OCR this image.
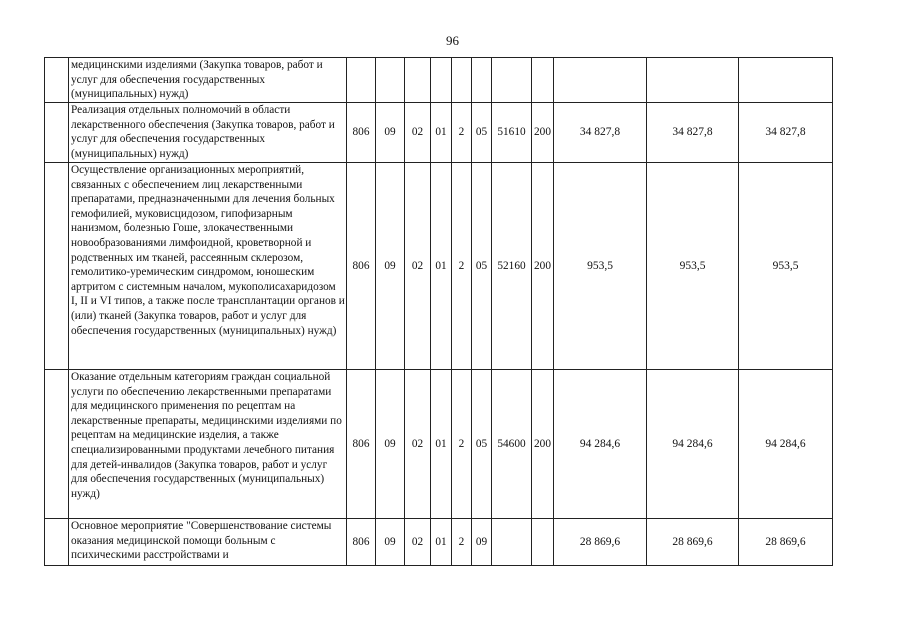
96
	медицинскими изделиями (Закупка товаров, работ и услуг для обеспечения государственных (муниципальных) нужд)											
	Реализация отдельных полномочий в области лекарственного обеспечения (Закупка товаров, работ и услуг для обеспечения государственных (муниципальных) нужд)	806	09	02	01	2	05	51610	200	34 827,8	34 827,8	34 827,8
	Осуществление организационных мероприятий, связанных с обеспечением лиц лекарственными препаратами, предназначенными для лечения больных гемофилией, муковисцидозом, гипофизарным нанизмом, болезнью Гоше, злокачественными новообразованиями лимфоидной, кроветворной и родственных им тканей, рассеянным склерозом, гемолитико-уремическим синдромом, юношеским артритом с системным началом, мукополисахаридозом I, II и VI типов, а также после трансплантации органов и (или) тканей (Закупка товаров, работ и услуг для обеспечения государственных (муниципальных) нужд)	806	09	02	01	2	05	52160	200	953,5	953,5	953,5
	Оказание отдельным категориям граждан социальной услуги по обеспечению лекарственными препаратами для медицинского применения по рецептам на лекарственные препараты, медицинскими изделиями по рецептам на медицинские изделия, а также специализированными продуктами лечебного питания для детей-инвалидов (Закупка товаров, работ и услуг для обеспечения государственных (муниципальных) нужд)	806	09	02	01	2	05	54600	200	94 284,6	94 284,6	94 284,6
	Основное мероприятие "Совершенствование системы оказания медицинской помощи больным с психическими расстройствами и	806	09	02	01	2	09			28 869,6	28 869,6	28 869,6
